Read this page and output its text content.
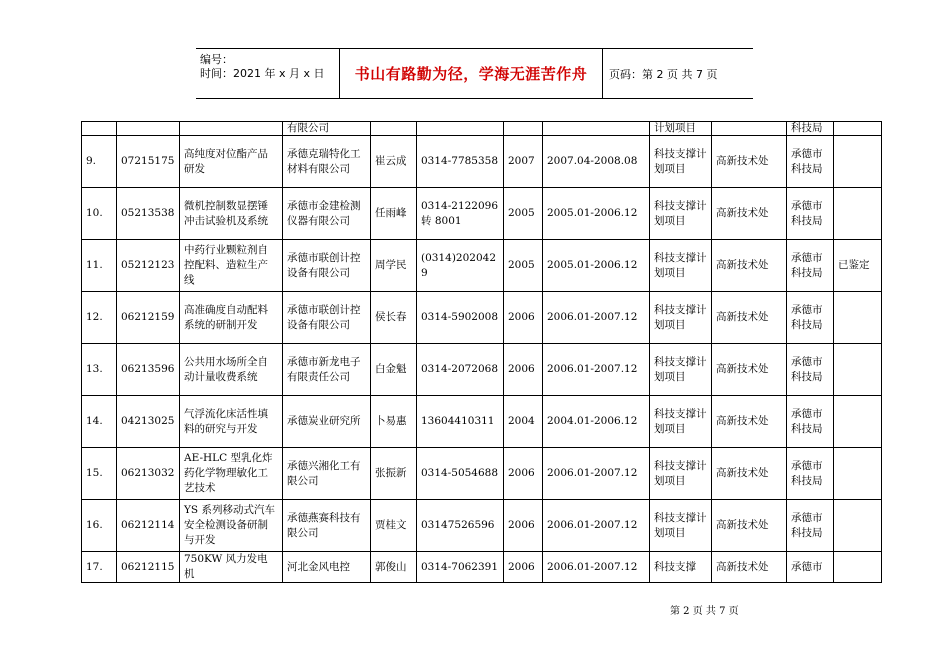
编号：
时间：2021 年 x 月 x 日	书山有路勤为径，学海无涯苦作舟	页码：第 2 页 共 7 页
			有限公司					计划项目		科技局	
9.	07215175	高纯度对位酯产品研发	承德克瑞特化工材料有限公司	崔云成	0314-7785358	2007	2007.04-2008.08	科技支撑计划项目	高新技术处	承德市科技局	
10.	05213538	微机控制数显摆锤冲击试验机及系统	承德市金建检测仪器有限公司	任雨峰	0314-2122096 转 8001	2005	2005.01-2006.12	科技支撑计划项目	高新技术处	承德市科技局	
11.	05212123	中药行业颗粒剂自控配料、造粒生产线	承德市联创计控设备有限公司	周学民	(0314)2020429	2005	2005.01-2006.12	科技支撑计划项目	高新技术处	承德市科技局	已鉴定
12.	06212159	高准确度自动配料系统的研制开发	承德市联创计控设备有限公司	侯长春	0314-5902008	2006	2006.01-2007.12	科技支撑计划项目	高新技术处	承德市科技局	
13.	06213596	公共用水场所全自动计量收费系统	承德市新龙电子有限责任公司	白金魁	0314-2072068	2006	2006.01-2007.12	科技支撑计划项目	高新技术处	承德市科技局	
14.	04213025	气浮流化床活性填料的研究与开发	承德炭业研究所	卜易惠	13604410311	2004	2004.01-2006.12	科技支撑计划项目	高新技术处	承德市科技局	
15.	06213032	AE-HLC 型乳化炸药化学物理敏化工艺技术	承德兴湘化工有限公司	张振新	0314-5054688	2006	2006.01-2007.12	科技支撑计划项目	高新技术处	承德市科技局	
16.	06212114	YS 系列移动式汽车安全检测设备研制与开发	承德燕赛科技有限公司	贾桂文	03147526596	2006	2006.01-2007.12	科技支撑计划项目	高新技术处	承德市科技局	
17.	06212115	750KW 风力发电机	河北金风电控	郭俊山	0314-7062391	2006	2006.01-2007.12	科技支撑	高新技术处	承德市	
第 2 页 共 7 页
